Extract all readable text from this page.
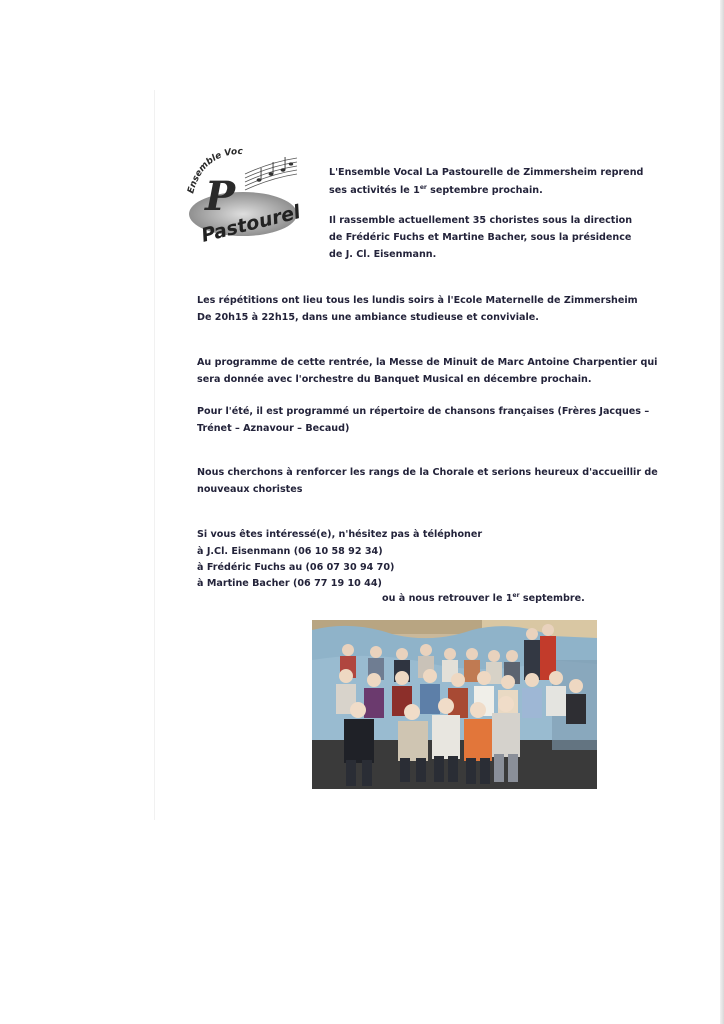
P
Ensemble Voc
Pastourelle
L'Ensemble Vocal La Pastourelle de Zimmersheim reprend
ses activités le 1er septembre prochain.
Il rassemble actuellement 35 choristes sous la direction
de Frédéric Fuchs et Martine Bacher, sous la présidence
de J. Cl. Eisenmann.
Les répétitions ont lieu tous les lundis soirs à l'Ecole Maternelle de Zimmersheim
De 20h15 à 22h15, dans une ambiance studieuse et conviviale.
Au programme de cette rentrée, la Messe de Minuit de Marc Antoine Charpentier qui
sera donnée avec l'orchestre du Banquet Musical en décembre prochain.
Pour l'été, il est programmé un répertoire de chansons françaises (Frères Jacques –
Trénet – Aznavour – Becaud)
Nous cherchons à renforcer les rangs de la Chorale et serions heureux d'accueillir de
nouveaux choristes
Si vous êtes intéressé(e), n'hésitez pas à téléphoner
à J.Cl. Eisenmann (06 10 58 92 34)
à Frédéric Fuchs au (06 07 30 94 70)
à Martine Bacher (06 77 19 10 44)
ou à nous retrouver le 1er septembre.
